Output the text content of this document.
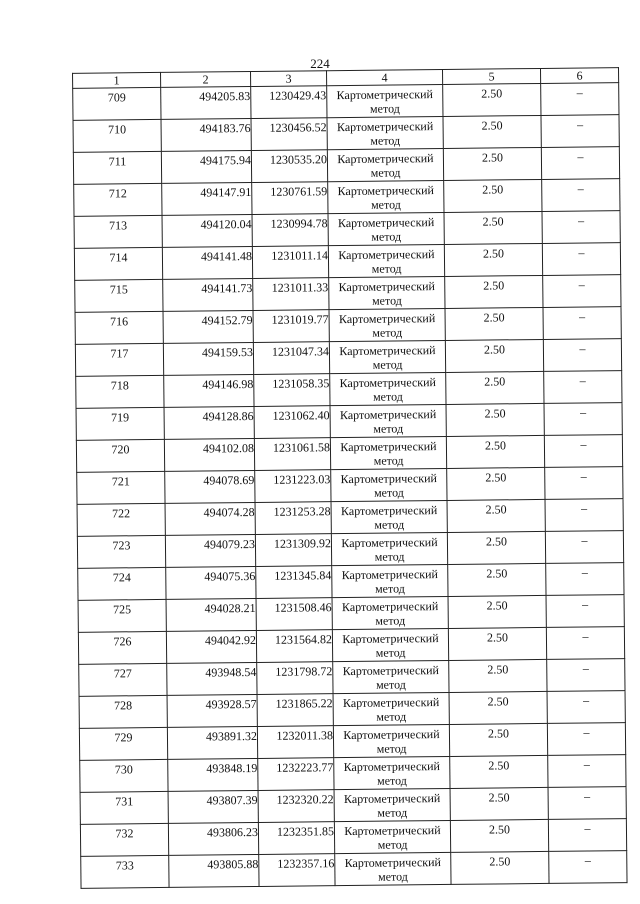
224
1	2	3	4	5	6
709	494205.83	1230429.43	Картометрический метод	2.50	–
710	494183.76	1230456.52	Картометрический метод	2.50	–
711	494175.94	1230535.20	Картометрический метод	2.50	–
712	494147.91	1230761.59	Картометрический метод	2.50	–
713	494120.04	1230994.78	Картометрический метод	2.50	–
714	494141.48	1231011.14	Картометрический метод	2.50	–
715	494141.73	1231011.33	Картометрический метод	2.50	–
716	494152.79	1231019.77	Картометрический метод	2.50	–
717	494159.53	1231047.34	Картометрический метод	2.50	–
718	494146.98	1231058.35	Картометрический метод	2.50	–
719	494128.86	1231062.40	Картометрический метод	2.50	–
720	494102.08	1231061.58	Картометрический метод	2.50	–
721	494078.69	1231223.03	Картометрический метод	2.50	–
722	494074.28	1231253.28	Картометрический метод	2.50	–
723	494079.23	1231309.92	Картометрический метод	2.50	–
724	494075.36	1231345.84	Картометрический метод	2.50	–
725	494028.21	1231508.46	Картометрический метод	2.50	–
726	494042.92	1231564.82	Картометрический метод	2.50	–
727	493948.54	1231798.72	Картометрический метод	2.50	–
728	493928.57	1231865.22	Картометрический метод	2.50	–
729	493891.32	1232011.38	Картометрический метод	2.50	–
730	493848.19	1232223.77	Картометрический метод	2.50	–
731	493807.39	1232320.22	Картометрический метод	2.50	–
732	493806.23	1232351.85	Картометрический метод	2.50	–
733	493805.88	1232357.16	Картометрический метод	2.50	–
